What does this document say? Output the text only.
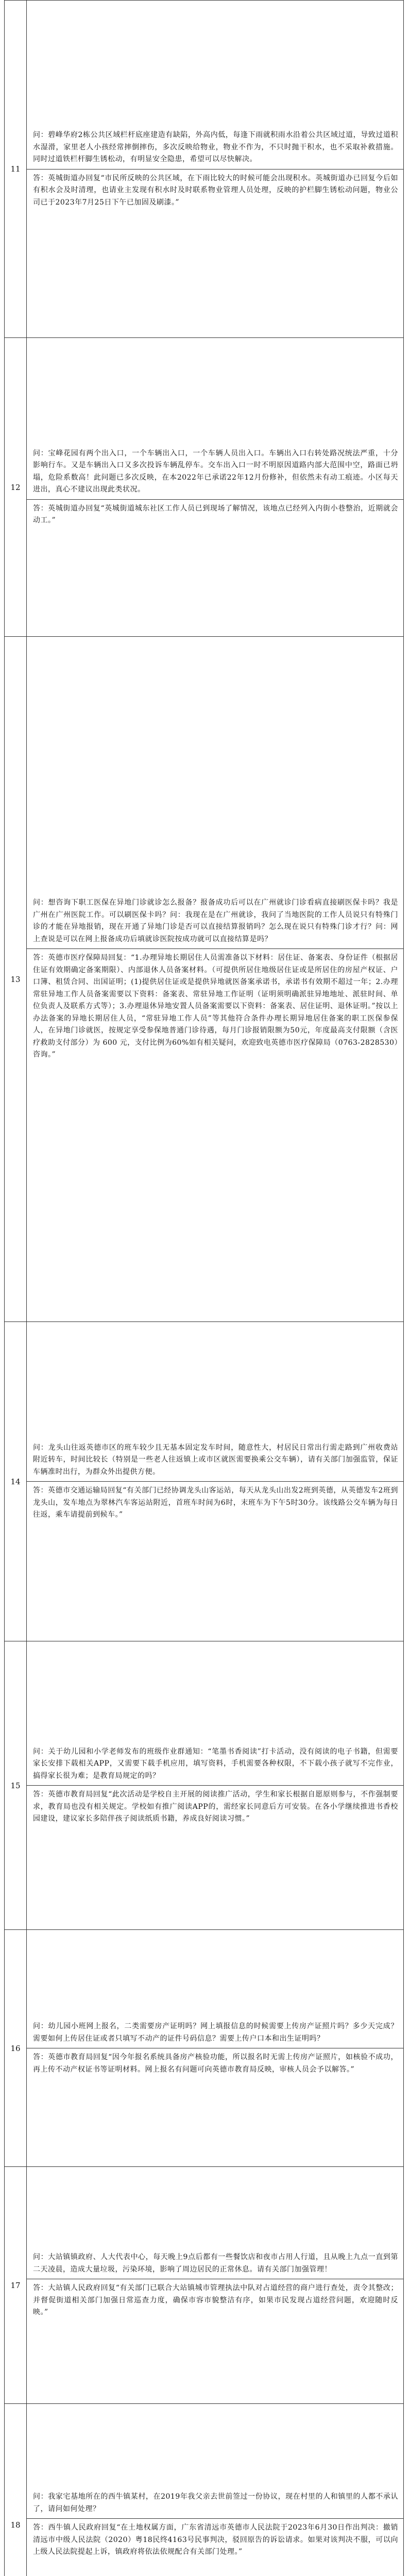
11	问：碧峰华府2栋公共区域栏杆底座建造有缺陷，外高内低，每逢下雨就积雨水沿着公共区域过道，导致过道积水湿滑，家里老人小孩经常摔倒摔伤，多次反映给物业，物业不作为，不只时抛干积水，也不采取补救措施。同时过道铁栏杆脚生锈松动，有明显安全隐患，希望可以尽快解决。
答：英城街道办回复“市民所反映的公共区域，在下雨比较大的时候可能会出现积水。英城街道办已回复今后如有积水会及时清理，也请业主发现有积水时及时联系物业管理人员处理，反映的护栏脚生锈松动问题，物业公司已于2023年7月25日下午已加固及刷漆。”

12	问：宝峰花园有两个出入口，一个车辆出入口，一个车辆人员出入口。车辆出入口右转处路况统法严重，十分影响行车。又是车辆出入口又多次投诉车辆乱停车。交车出入口一时不明原因道路内部大范围中空，路面已坍塌，危险系数高！此问题已多次反映，在本2022年已承诺22年12月份修补，但依然未有动工痕迹。小区每天进出，真心不建议出现此类状况。
答：英城街道办回复“英城街道城东社区工作人员已到现场了解情况，该地点已经列入内街小巷整治，近期就会动工。”

13	问：想咨询下职工医保在异地门诊就诊怎么报备？报备成功后可以在广州就诊门诊看病直接刷医保卡吗？我是广州在广州医院工作。可以刷医保卡吗？问：我现在是在广州就诊，我问了当地医院的工作人员说只有特殊门诊的才能在异地报销，现在开通了异地门诊是否可以直接结算报销吗？怎么现在说只有特殊门诊才行？问：网上查说是可以在网上报备成功后填就诊医院按成功就可以直接结算是吗？
答：英德市医疗保障局回复：“1.办理异地长期居住人员需准备以下材料：居住证、备案表、身份证件（根据居住证有效期确定备案期限）、内部退休人员备案材料。（可提供所居住地级居住证或是所居住的房屋产权证、户口簿、租赁合同、出国证明；(1)提供居住证或是提供异地就医备案承诺书，承诺书有效期不超过一年；2.办理常驻异地工作人员备案需要以下资料：备案表、常驻异地工作证明（证明须明确派驻异地地址、派驻时间、单位负责人及联系方式等）；3.办理退休异地安置人员备案需要以下资料：备案表、居住证明、退休证明。”按以上办法备案的异地长期居住人员，“常驻异地工作人员”等其他符合条件办理长期异地居住备案的职工医保参保人，在异地门诊就医，按规定享受参保地普通门诊待遇，每月门诊报销限额为50元，年度最高支付限额（含医疗救助支付部分）为 600 元，支付比例为60%如有相关疑问，欢迎致电英德市医疗保障局（0763-2828530）咨询。”

14	问：龙头山往返英德市区的班车较少且无基本固定发车时间，随意性大，村居民日常出行需走路到广州收费站附近转车，时间比较长（特别是一些老人往返镇上或市区就医需要换乘公交车辆），请有关部门加强监管，保证车辆准时出行，为群众外出提供方便。
答：英德市交通运输局回复“有关部门已经协调龙头山客运站，每天从龙头山出发2班到英德，从英德发车2班到龙头山，发车地点为翠林汽车客运站附近，首班车时间为6时，末班车为下午5时30分。该线路公交车辆为每日往返，乘车请提前到候车。”

15	问：关于幼儿园和小学老师发布的班级作业群通知：“笔墨书香阅读”打卡活动，没有阅读的电子书籍，但需要家长安排下载相关APP，又需要下载手机应用，填写资料，手机需要各种权限，不下载小孩子就写不完作业，搞得家长很为难；是教育局规定的吗？
答：英德市教育局回复“此次活动是学校自主开展的阅读推广活动，学生和家长根据自愿原则参与，不作强制要求，教育局也没有相关规定。学校如有推广阅读APP的，需经家长同意后方可安装。在各小学继续推进书香校园建设，建议家长多陪伴孩子阅读纸质书籍，养成良好阅读习惯。”

16	问：幼儿园小班网上报名，二类需要房产证明吗？网上填报信息的时候需要上传房产证照片吗？多少天完成？需要如何上传居住证或者只填写不动产的证件号码信息？需要上传户口本和出生证明吗？
答：英德市教育局回复“因今年报名系统具备房产核验功能，所以报名时无需上传房产证照片，如核验不成功，再上传不动产权证书等证明材料。网上报名有问题可向英德市教育局反映，审核人员会予以解答。”

17	问：大站镇镇政府、人大代表中心，每天晚上9点后都有一些餐饮店和夜市占用人行道，且从晚上九点一直到第二天凌晨，造成大量垃圾，污染环境，影响了周边居民的正常休息。请有关部门加强管理！
答：大站镇人民政府回复“有关部门已联合大站镇城市管理执法中队对占道经营的商户进行查处，责令其整改；并督促街道相关部门加强日常巡查力度，确保市容市貌整洁有序，如果市民发现占道经营问题，欢迎随时反映。”

18	问：我家宅基地所在的西牛镇某村，在2019年我父亲去世前签过一份协议，现在村里的人和镇里的人都不承认了，请问如何处理？
答：西牛镇人民政府回复“在土地权属方面，广东省清远市英德市人民法院于2023年6月30日作出判决：撤销清远市中级人民法院（2020）粤18民终4163号民事判决，驳回原告的诉讼请求。如果对该判决不服，可以向上级人民法院提起上诉，镇政府将依法依规配合有关部门处理。”
